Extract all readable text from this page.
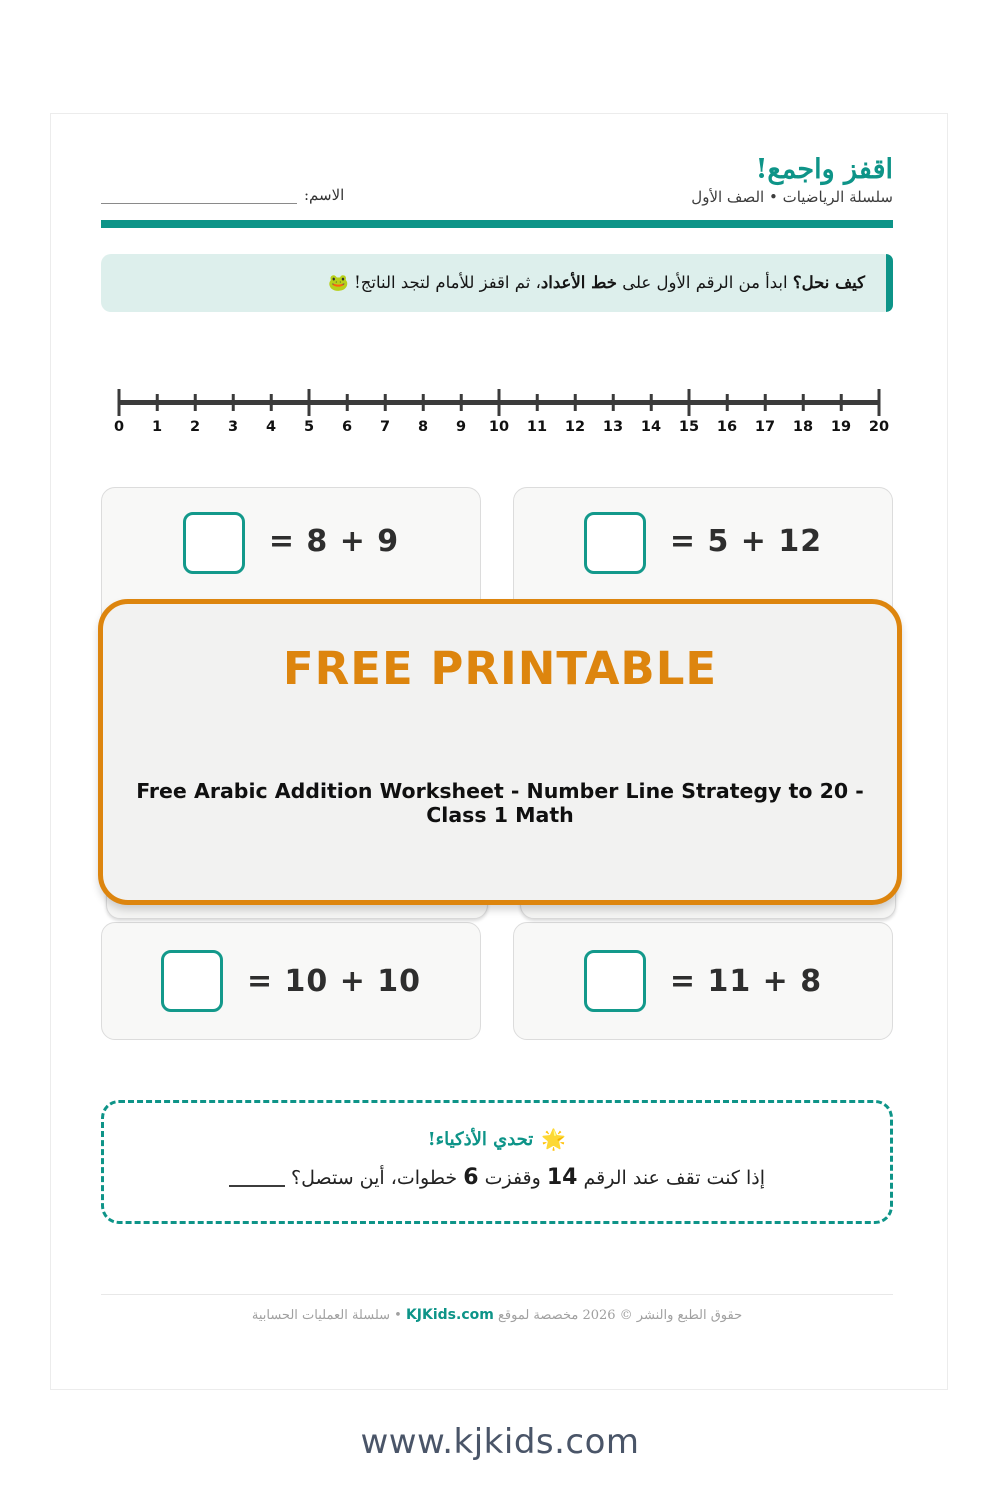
الاسم:
اقفز واجمع!
سلسلة الرياضيات • الصف الأول

كيف نحل؟ ابدأ من الرقم الأول على خط الأعداد، ثم اقفز للأمام لتجد الناتج! 🐸

0 1 2 3 4 5 6 7 8 9 10 11 12 13 14 15 16 17 18 19 20
= 8 + 9	= 5 + 12
= 10 + 10	= 11 + 8
🌟
تحدي الأذكياء!

إذا كنت تقف عند الرقم 14 وقفزت 6 خطوات، أين ستصل؟

حقوق الطبع والنشر © 2026 مخصصة لموقع KJKids.com • سلسلة العمليات الحسابية

FREE PRINTABLE
Free Arabic Addition Worksheet - Number Line Strategy to 20 - Class 1 Math
www.kjkids.com
